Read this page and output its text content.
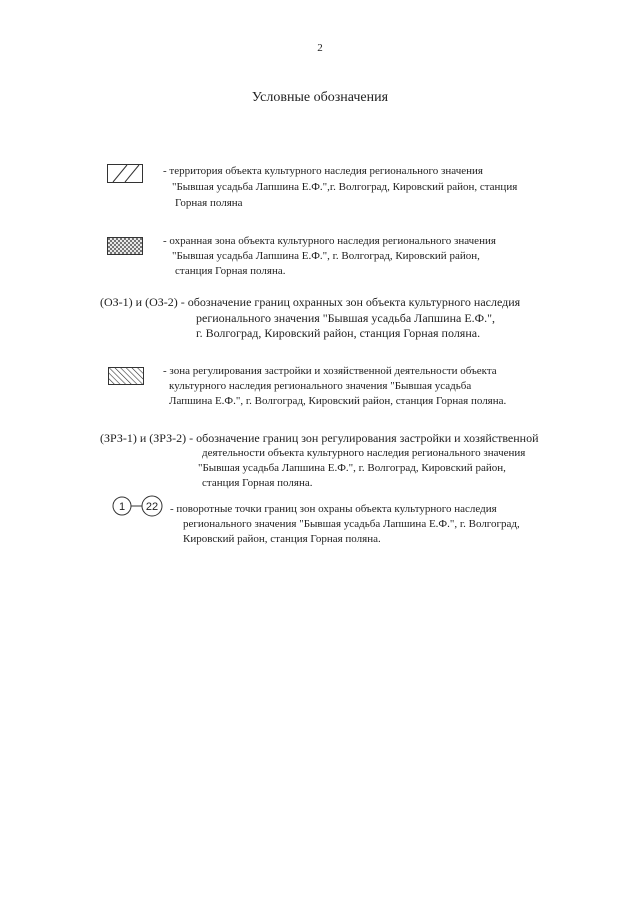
2
Условные обозначения
- территория объекта культурного наследия регионального значения
"Бывшая усадьба Лапшина Е.Ф.",г. Волгоград, Кировский район, станция
Горная поляна
- охранная зона объекта культурного наследия регионального значения
"Бывшая усадьба Лапшина Е.Ф.", г. Волгоград, Кировский район,
станция Горная поляна.
(ОЗ-1) и (ОЗ-2) - обозначение границ охранных зон объекта культурного наследия
регионального значения "Бывшая усадьба Лапшина Е.Ф.",
г. Волгоград, Кировский район, станция Горная поляна.
- зона регулирования застройки и хозяйственной деятельности объекта
культурного наследия регионального значения "Бывшая усадьба
Лапшина Е.Ф.", г. Волгоград, Кировский район, станция Горная поляна.
(ЗРЗ-1) и (ЗРЗ-2) - обозначение границ зон регулирования застройки и хозяйственной
деятельности объекта культурного наследия регионального значения
"Бывшая усадьба Лапшина Е.Ф.", г. Волгоград, Кировский район,
станция Горная поляна.
1 22 - поворотные точки границ зон охраны объекта культурного наследия
регионального значения "Бывшая усадьба Лапшина Е.Ф.", г. Волгоград,
Кировский район, станция Горная поляна.
